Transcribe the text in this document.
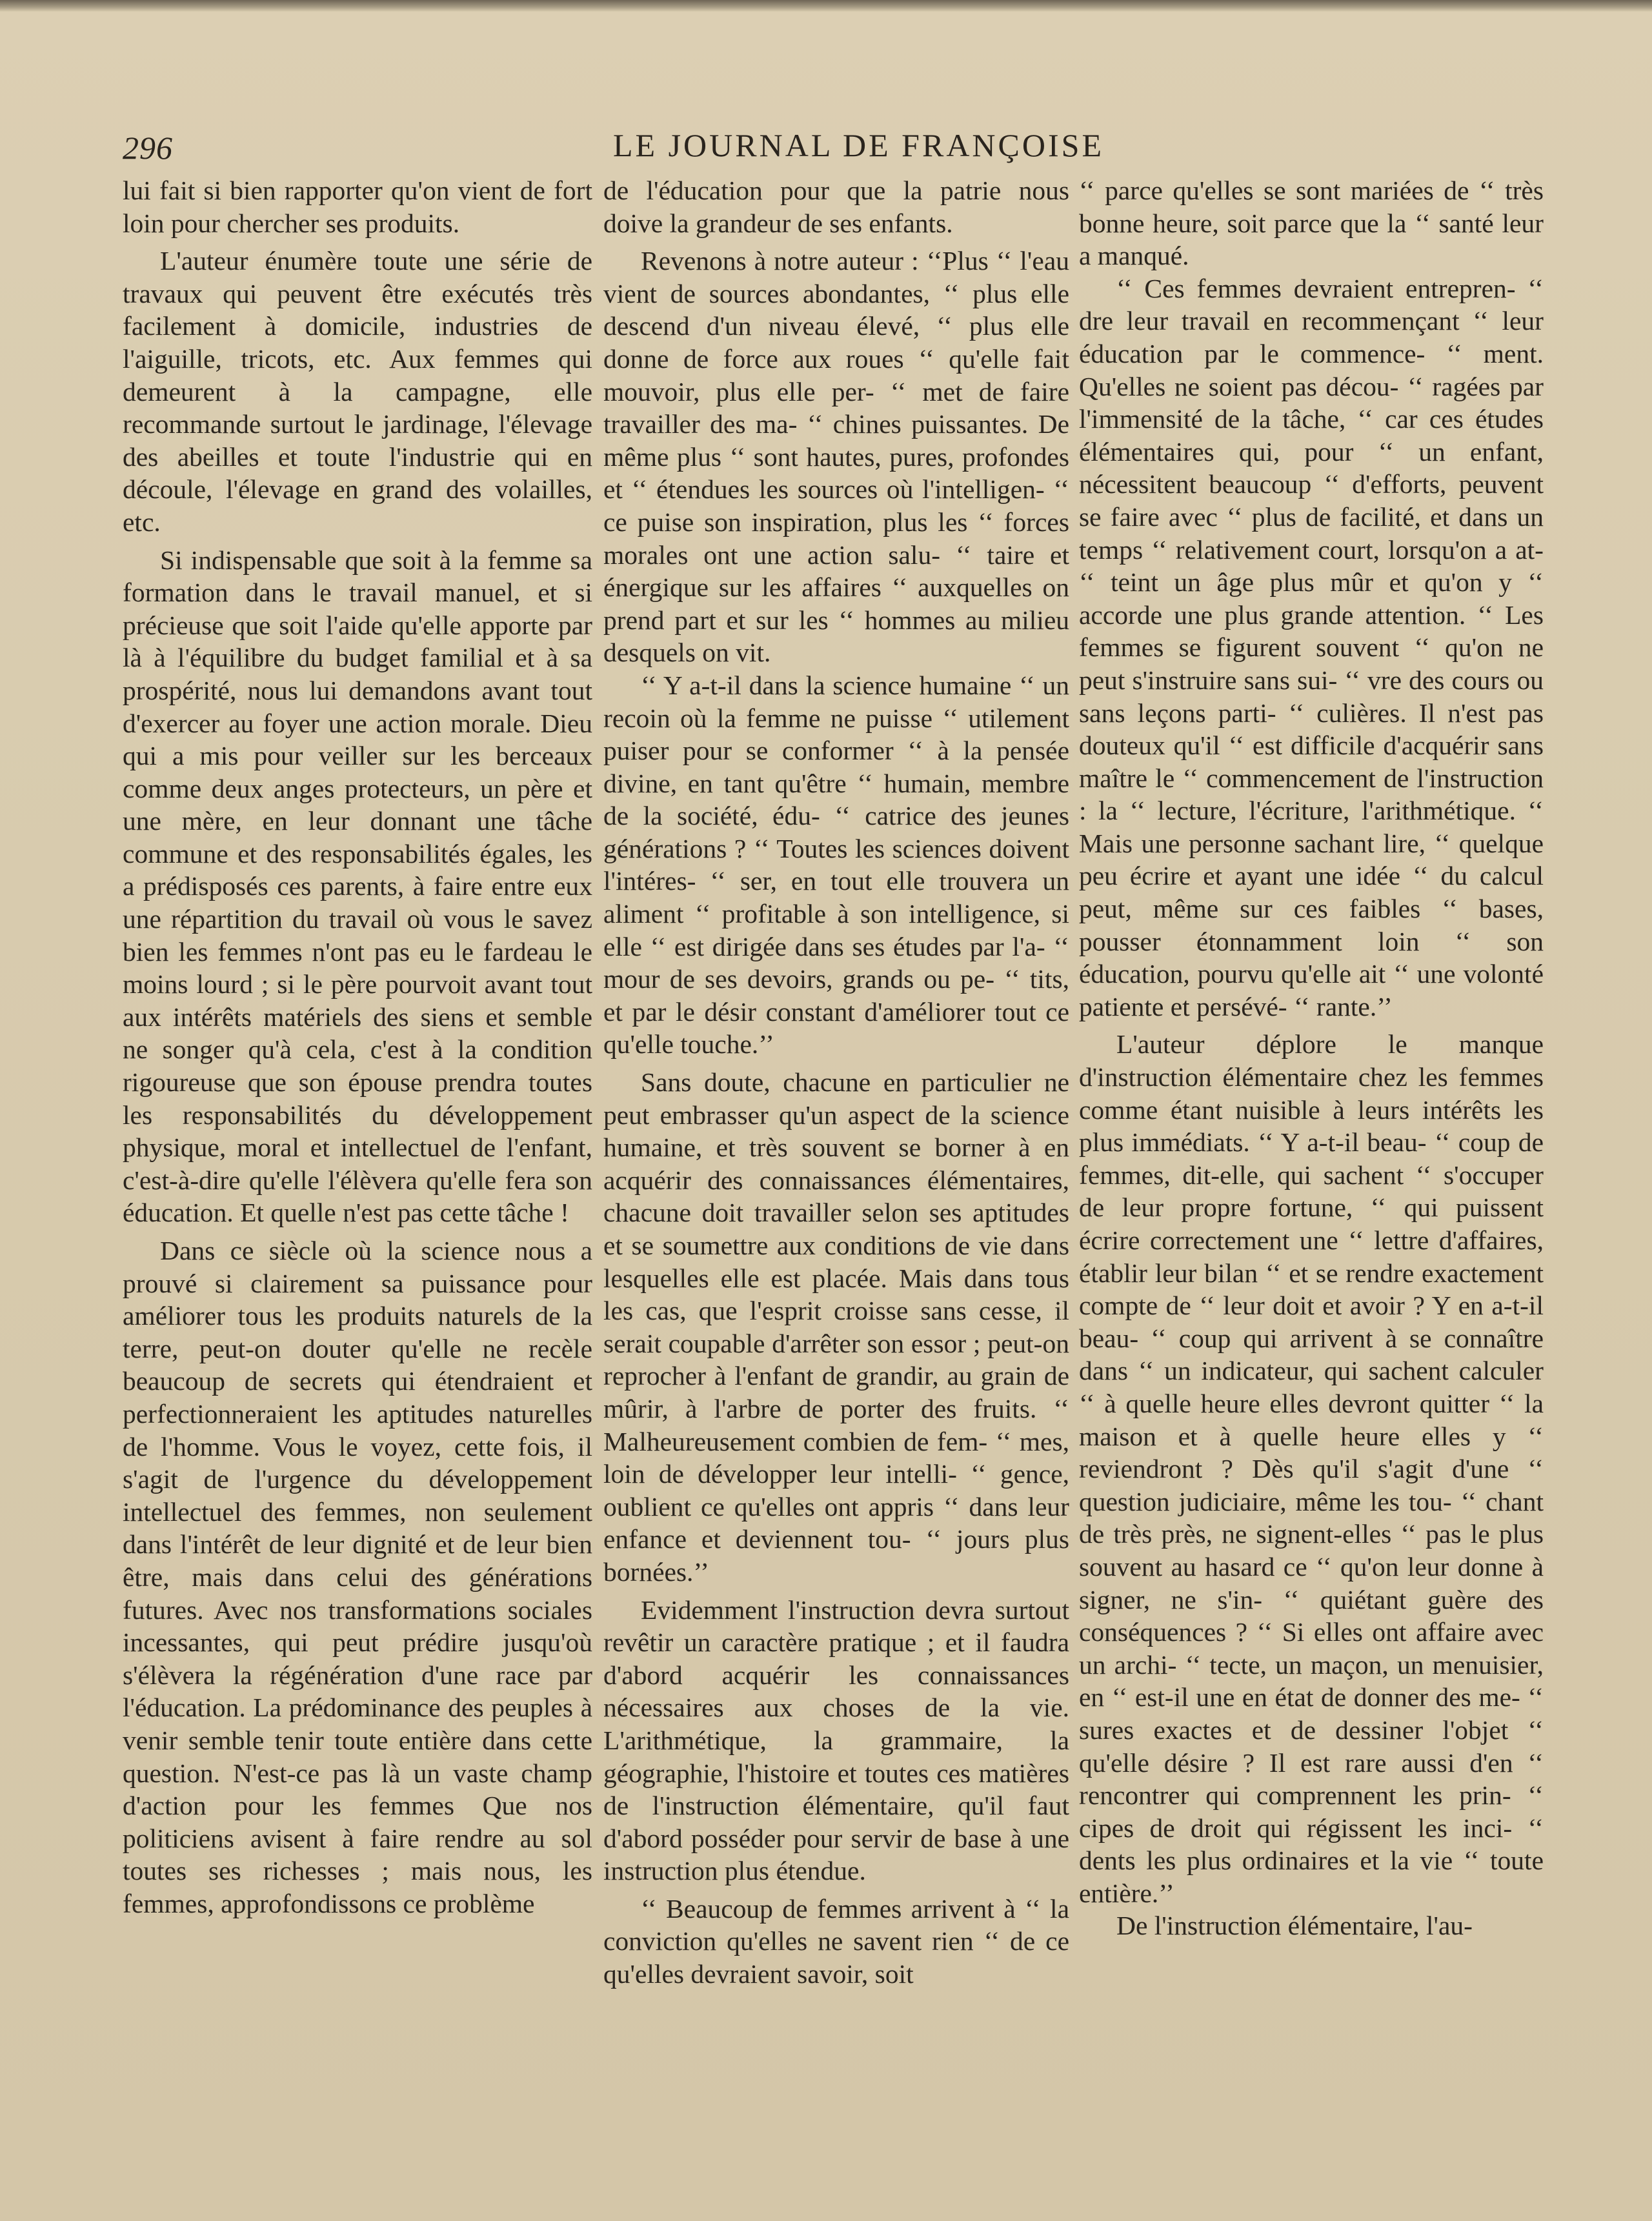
296	LE JOURNAL DE FRANÇOISE

lui fait si bien rapporter qu'on vient de fort loin pour chercher ses produits.

L'auteur énumère toute une série de travaux qui peuvent être exécutés très facilement à domicile, industries de l'aiguille, tricots, etc. Aux femmes qui demeurent à la campagne, elle recommande surtout le jardinage, l'élevage des abeilles et toute l'industrie qui en découle, l'élevage en grand des volailles, etc.

Si indispensable que soit à la femme sa formation dans le travail manuel, et si précieuse que soit l'aide qu'elle apporte par là à l'équilibre du budget familial et à sa prospérité, nous lui demandons avant tout d'exercer au foyer une action morale. Dieu qui a mis pour veiller sur les berceaux comme deux anges protecteurs, un père et une mère, en leur donnant une tâche commune et des responsabilités égales, les a prédisposés ces parents, à faire entre eux une répartition du travail où vous le savez bien les femmes n'ont pas eu le fardeau le moins lourd ; si le père pourvoit avant tout aux intérêts matériels des siens et semble ne songer qu'à cela, c'est à la condition rigoureuse que son épouse prendra toutes les responsabilités du développement physique, moral et intellectuel de l'enfant, c'est-à-dire qu'elle l'élèvera qu'elle fera son éducation. Et quelle n'est pas cette tâche !

Dans ce siècle où la science nous a prouvé si clairement sa puissance pour améliorer tous les produits naturels de la terre, peut-on douter qu'elle ne recèle beaucoup de secrets qui étendraient et perfectionneraient les aptitudes naturelles de l'homme. Vous le voyez, cette fois, il s'agit de l'urgence du développement intellectuel des femmes, non seulement dans l'intérêt de leur dignité et de leur bien être, mais dans celui des générations futures. Avec nos transformations sociales incessantes, qui peut prédire jusqu'où s'élèvera la régénération d'une race par l'éducation. La prédominance des peuples à venir semble tenir toute entière dans cette question. N'est-ce pas là un vaste champ d'action pour les femmes Que nos politiciens avisent à faire rendre au sol toutes ses richesses ; mais nous, les femmes, approfondissons ce problème

de l'éducation pour que la patrie nous doive la grandeur de ses enfants.

Revenons à notre auteur : ‘‘Plus ‘‘ l'eau vient de sources abondantes, ‘‘ plus elle descend d'un niveau élevé, ‘‘ plus elle donne de force aux roues ‘‘ qu'elle fait mouvoir, plus elle per- ‘‘ met de faire travailler des ma- ‘‘ chines puissantes. De même plus ‘‘ sont hautes, pures, profondes et ‘‘ étendues les sources où l'intelligen- ‘‘ ce puise son inspiration, plus les ‘‘ forces morales ont une action salu- ‘‘ taire et énergique sur les affaires ‘‘ auxquelles on prend part et sur les ‘‘ hommes au milieu desquels on vit.

‘‘ Y a-t-il dans la science humaine ‘‘ un recoin où la femme ne puisse ‘‘ utilement puiser pour se conformer ‘‘ à la pensée divine, en tant qu'être ‘‘ humain, membre de la société, édu- ‘‘ catrice des jeunes générations ? ‘‘ Toutes les sciences doivent l'intéres- ‘‘ ser, en tout elle trouvera un aliment ‘‘ profitable à son intelligence, si elle ‘‘ est dirigée dans ses études par l'a- ‘‘ mour de ses devoirs, grands ou pe- ‘‘ tits, et par le désir constant d'améliorer tout ce qu'elle touche.’’

Sans doute, chacune en particulier ne peut embrasser qu'un aspect de la science humaine, et très souvent se borner à en acquérir des connaissances élémentaires, chacune doit travailler selon ses aptitudes et se soumettre aux conditions de vie dans lesquelles elle est placée. Mais dans tous les cas, que l'esprit croisse sans cesse, il serait coupable d'arrêter son essor ; peut-on reprocher à l'enfant de grandir, au grain de mûrir, à l'arbre de porter des fruits. ‘‘ Malheureusement combien de fem- ‘‘ mes, loin de développer leur intelli- ‘‘ gence, oublient ce qu'elles ont appris ‘‘ dans leur enfance et deviennent tou- ‘‘ jours plus bornées.’’

Evidemment l'instruction devra surtout revêtir un caractère pratique ; et il faudra d'abord acquérir les connaissances nécessaires aux choses de la vie. L'arithmétique, la grammaire, la géographie, l'histoire et toutes ces matières de l'instruction élémentaire, qu'il faut d'abord posséder pour servir de base à une instruction plus étendue.

‘‘ Beaucoup de femmes arrivent à ‘‘ la conviction qu'elles ne savent rien ‘‘ de ce qu'elles devraient savoir, soit

‘‘ parce qu'elles se sont mariées de ‘‘ très bonne heure, soit parce que la ‘‘ santé leur a manqué.

‘‘ Ces femmes devraient entrepren- ‘‘ dre leur travail en recommençant ‘‘ leur éducation par le commence- ‘‘ ment. Qu'elles ne soient pas décou- ‘‘ ragées par l'immensité de la tâche, ‘‘ car ces études élémentaires qui, pour ‘‘ un enfant, nécessitent beaucoup ‘‘ d'efforts, peuvent se faire avec ‘‘ plus de facilité, et dans un temps ‘‘ relativement court, lorsqu'on a at- ‘‘ teint un âge plus mûr et qu'on y ‘‘ accorde une plus grande attention. ‘‘ Les femmes se figurent souvent ‘‘ qu'on ne peut s'instruire sans sui- ‘‘ vre des cours ou sans leçons parti- ‘‘ culières. Il n'est pas douteux qu'il ‘‘ est difficile d'acquérir sans maître le ‘‘ commencement de l'instruction : la ‘‘ lecture, l'écriture, l'arithmétique. ‘‘ Mais une personne sachant lire, ‘‘ quelque peu écrire et ayant une idée ‘‘ du calcul peut, même sur ces faibles ‘‘ bases, pousser étonnamment loin ‘‘ son éducation, pourvu qu'elle ait ‘‘ une volonté patiente et persévé- ‘‘ rante.’’

L'auteur déplore le manque d'instruction élémentaire chez les femmes comme étant nuisible à leurs intérêts les plus immédiats. ‘‘ Y a-t-il beau- ‘‘ coup de femmes, dit-elle, qui sachent ‘‘ s'occuper de leur propre fortune, ‘‘ qui puissent écrire correctement une ‘‘ lettre d'affaires, établir leur bilan ‘‘ et se rendre exactement compte de ‘‘ leur doit et avoir ? Y en a-t-il beau- ‘‘ coup qui arrivent à se connaître dans ‘‘ un indicateur, qui sachent calculer ‘‘ à quelle heure elles devront quitter ‘‘ la maison et à quelle heure elles y ‘‘ reviendront ? Dès qu'il s'agit d'une ‘‘ question judiciaire, même les tou- ‘‘ chant de très près, ne signent-elles ‘‘ pas le plus souvent au hasard ce ‘‘ qu'on leur donne à signer, ne s'in- ‘‘ quiétant guère des conséquences ? ‘‘ Si elles ont affaire avec un archi- ‘‘ tecte, un maçon, un menuisier, en ‘‘ est-il une en état de donner des me- ‘‘ sures exactes et de dessiner l'objet ‘‘ qu'elle désire ? Il est rare aussi d'en ‘‘ rencontrer qui comprennent les prin- ‘‘ cipes de droit qui régissent les inci- ‘‘ dents les plus ordinaires et la vie ‘‘ toute entière.’’

De l'instruction élémentaire, l'au-
